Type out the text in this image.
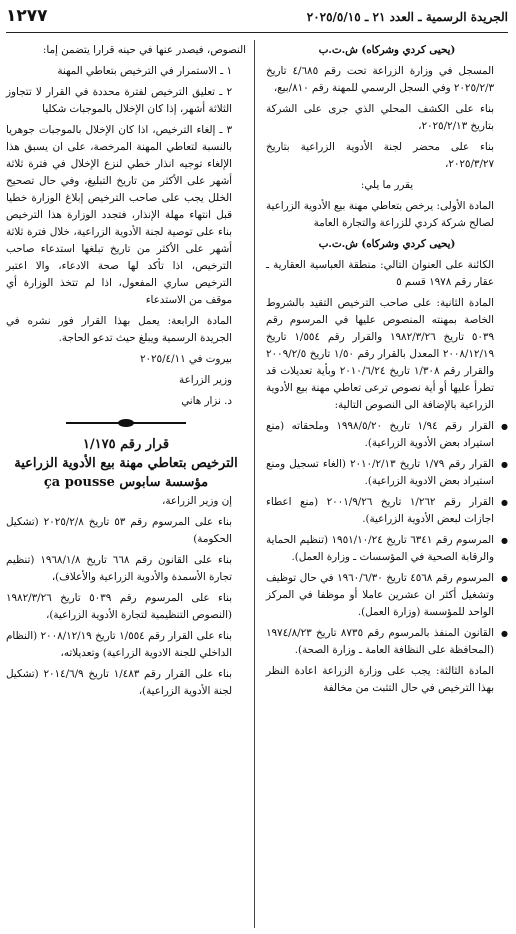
الجريدة الرسمية ـ العدد ٢١ ـ ٢٠٢٥/٥/١٥
١٢٧٧

(يحيى كردي وشركاه) ش.ت.ب

المسجل في وزارة الزراعة تحت رقم ٤/٦٨٥ تاريخ ٢٠٢٥/٢/٣ وفي السجل الرسمي للمهنة رقم ٨١٠/بيع،

بناء على الكشف المحلي الذي جرى على الشركة بتاريخ ٢٠٢٥/٢/١٣،

بناء على محضر لجنة الأدوية الزراعية بتاريخ ٢٠٢٥/٣/٢٧،

يقرر ما يلي:

المادة الأولى: يرخص بتعاطي مهنة بيع الأدوية الزراعية لصالح شركة كردي للزراعة والتجارة العامة

(يحيى كردي وشركاه) ش.ت.ب

الكائنة على العنوان التالي: منطقة العباسية العقارية ـ عقار رقم ١٩٧٨ قسم ٥

المادة الثانية: على صاحب الترخيص التقيد بالشروط الخاصة بمهنته المنصوص عليها في المرسوم رقم ٥٠٣٩ تاريخ ١٩٨٢/٣/٢٦ والقرار رقم ١/٥٥٤ تاريخ ٢٠٠٨/١٢/١٩ المعدل بالقرار رقم ١/٥٠ تاريخ ٢٠٠٩/٢/٥ والقرار رقم ١/٣٠٨ تاريخ ٢٠١٠/٦/٢٤ وبأية تعديلات قد تطرأ عليها أو أية نصوص ترعى تعاطي مهنة بيع الأدوية الزراعية بالإضافة الى النصوص التالية:

● القرار رقم ١/٩٤ تاريخ ١٩٩٨/٥/٢٠ وملحقاته (منع استيراد بعض الأدوية الزراعية).

● القرار رقم ١/٧٩ تاريخ ٢٠١٠/٢/١٣ (الغاء تسجيل ومنع استيراد بعض الادوية الزراعية).

● القرار رقم ١/٢٦٢ تاريخ ٢٠٠١/٩/٢٦ (منع اعطاء اجازات لبعض الأدوية الزراعية).

● المرسوم رقم ٦٣٤١ تاريخ ١٩٥١/١٠/٢٤ (تنظيم الحماية والرقابة الصحية في المؤسسات ـ وزارة العمل).

● المرسوم رقم ٤٥٦٨ تاريخ ١٩٦٠/٦/٣٠ في حال توظيف وتشغيل أكثر ان عشرين عاملا أو موظفا في المركز الواحد للمؤسسة (وزارة العمل).

● القانون المنفذ بالمرسوم رقم ٨٧٣٥ تاريخ ١٩٧٤/٨/٢٣ (المحافظة على النظافة العامة ـ وزارة الصحة).

المادة الثالثة: يجب على وزارة الزراعة اعادة النظر بهذا الترخيص في حال التثبت من مخالفة

النصوص، فيصدر عنها في حينه قرارا يتضمن إما:

١ ـ الاستمرار في الترخيص بتعاطي المهنة

٢ ـ تعليق الترخيص لفترة محددة في القرار لا تتجاوز الثلاثة أشهر، إذا كان الإخلال بالموجبات شكليا

٣ ـ إلغاء الترخيص، اذا كان الإخلال بالموجبات جوهريا بالنسبة لتعاطي المهنة المرخصة، على ان يسبق هذا الإلغاء توجيه انذار خطي لنزع الإخلال في فترة ثلاثة أشهر على الأكثر من تاريخ التبليغ، وفي حال تصحيح الخلل يجب على صاحب الترخيص إبلاغ الوزارة خطيا قبل انتهاء مهلة الإنذار، فتجدد الوزارة هذا الترخيص بناء على توصية لجنة الأدوية الزراعية، خلال فترة ثلاثة أشهر على الأكثر من تاريخ تبلغها استدعاء صاحب الترخيص، اذا تأكد لها صحة الادعاء، والا اعتبر الترخيص ساري المفعول، اذا لم تتخذ الوزارة أي موقف من الاستدعاء

المادة الرابعة: يعمل بهذا القرار فور نشره في الجريدة الرسمية ويبلغ حيث تدعو الحاجة.

بيروت في ٢٠٢٥/٤/١١

وزير الزراعة

د. نزار هاني

قرار رقم ١/١٧٥
الترخيص بتعاطي مهنة بيع الأدوية الزراعية
مؤسسة سابوس ça pousse

إن وزير الزراعة،

بناء على المرسوم رقم ٥٣ تاريخ ٢٠٢٥/٢/٨ (تشكيل الحكومة)

بناء على القانون رقم ٦٦٨ تاريخ ١٩٦٨/١/٨ (تنظيم تجارة الأسمدة والأدوية الزراعية والأعلاف)،

بناء على المرسوم رقم ٥٠٣٩ تاريخ ١٩٨٢/٣/٢٦ (النصوص التنظيمية لتجارة الأدوية الزراعية)،

بناء على القرار رقم ١/٥٥٤ تاريخ ٢٠٠٨/١٢/١٩ (النظام الداخلي للجنة الادوية الزراعية) وتعديلاته،

بناء على القرار رقم ١/٤٨٣ تاريخ ٢٠١٤/٦/٩ (تشكيل لجنة الأدوية الزراعية)،
